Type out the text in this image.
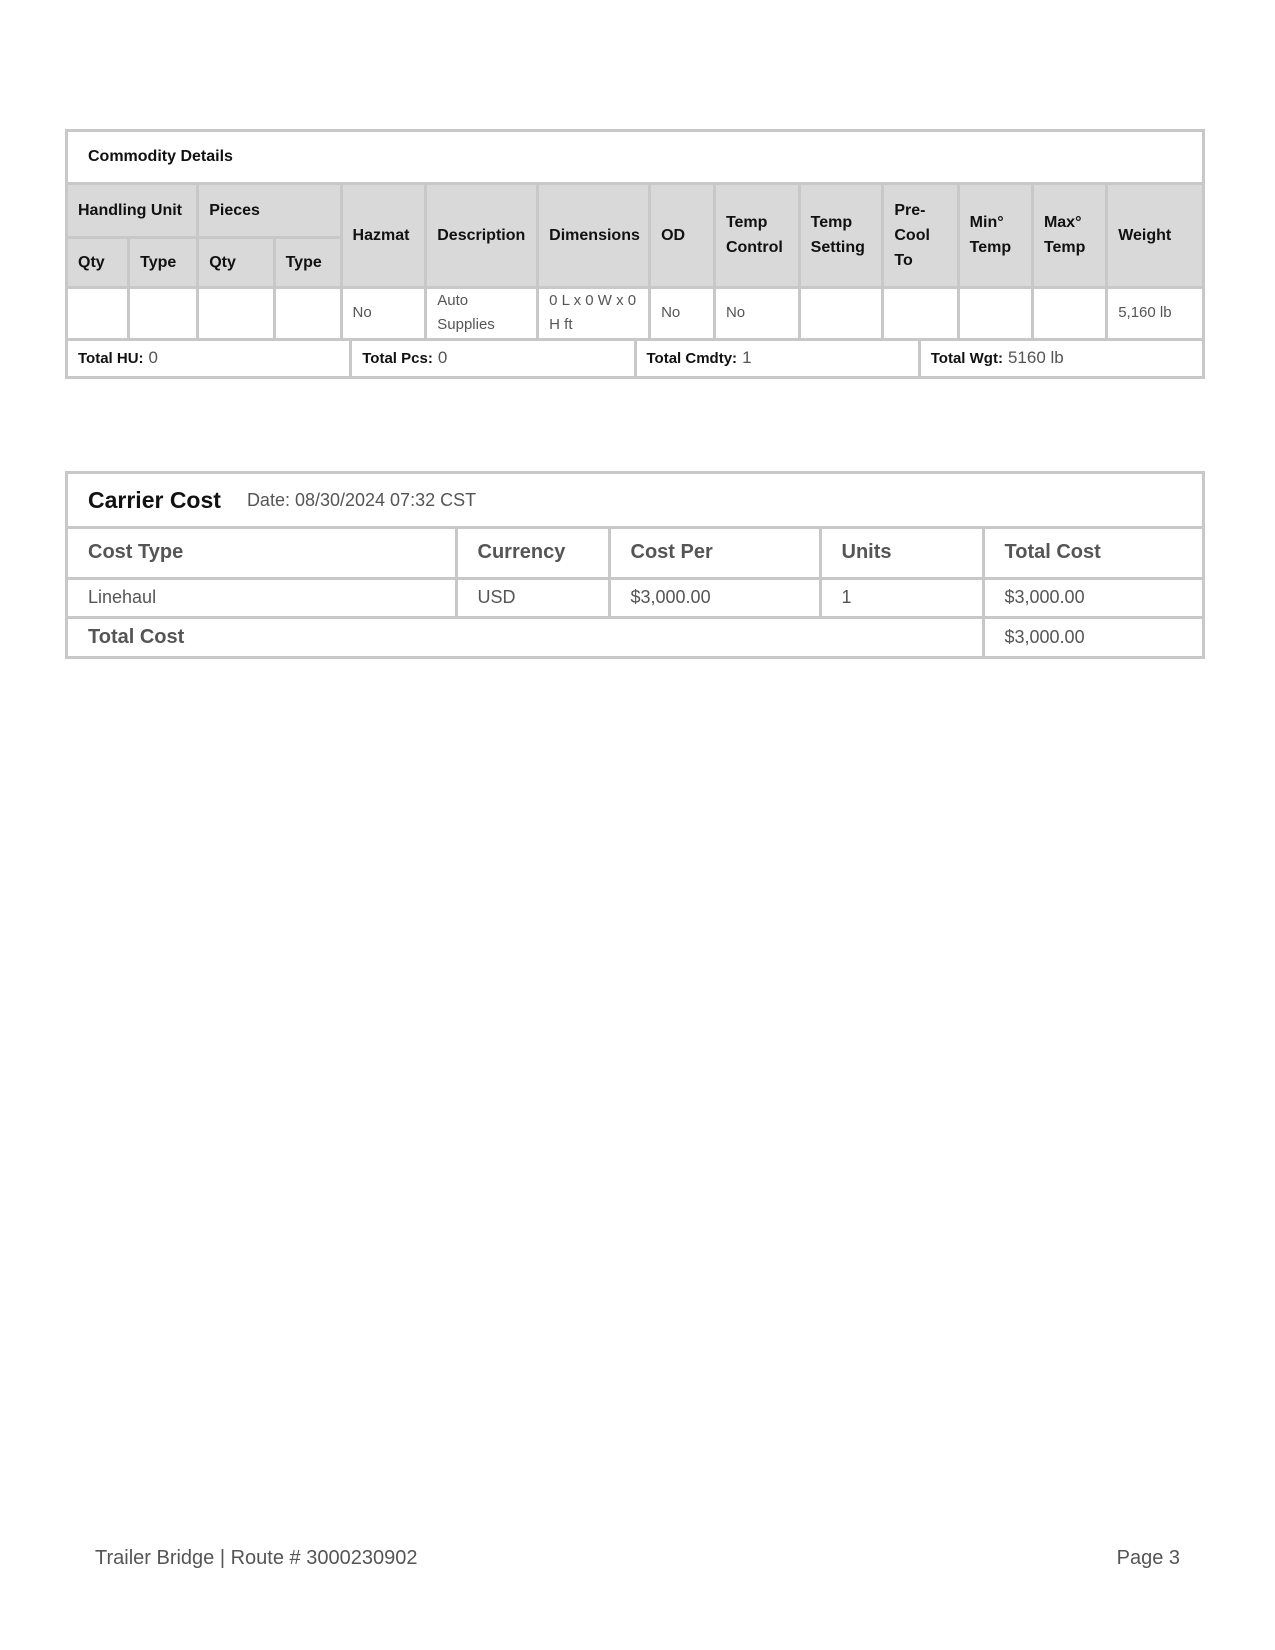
Commodity Details
Handling Unit		Pieces		Hazmat	Description	Dimensions	OD	Temp Control	Temp Setting	Pre-Cool To	Min° Temp	Max° Temp	Weight
Qty	Type	Qty	Type										
				No	Auto Supplies	0 L x 0 W x 0 H ft	No	No					5,160 lb
Total HU: 0	Total Pcs: 0	Total Cmdty: 1	Total Wgt: 5160 lb
Carrier Cost Date: 08/30/2024 07:32 CST
Cost Type	Currency	Cost Per	Units	Total Cost
Linehaul	USD	$3,000.00	1	$3,000.00
Total Cost				$3,000.00
Trailer Bridge | Route # 3000230902	Page 3
